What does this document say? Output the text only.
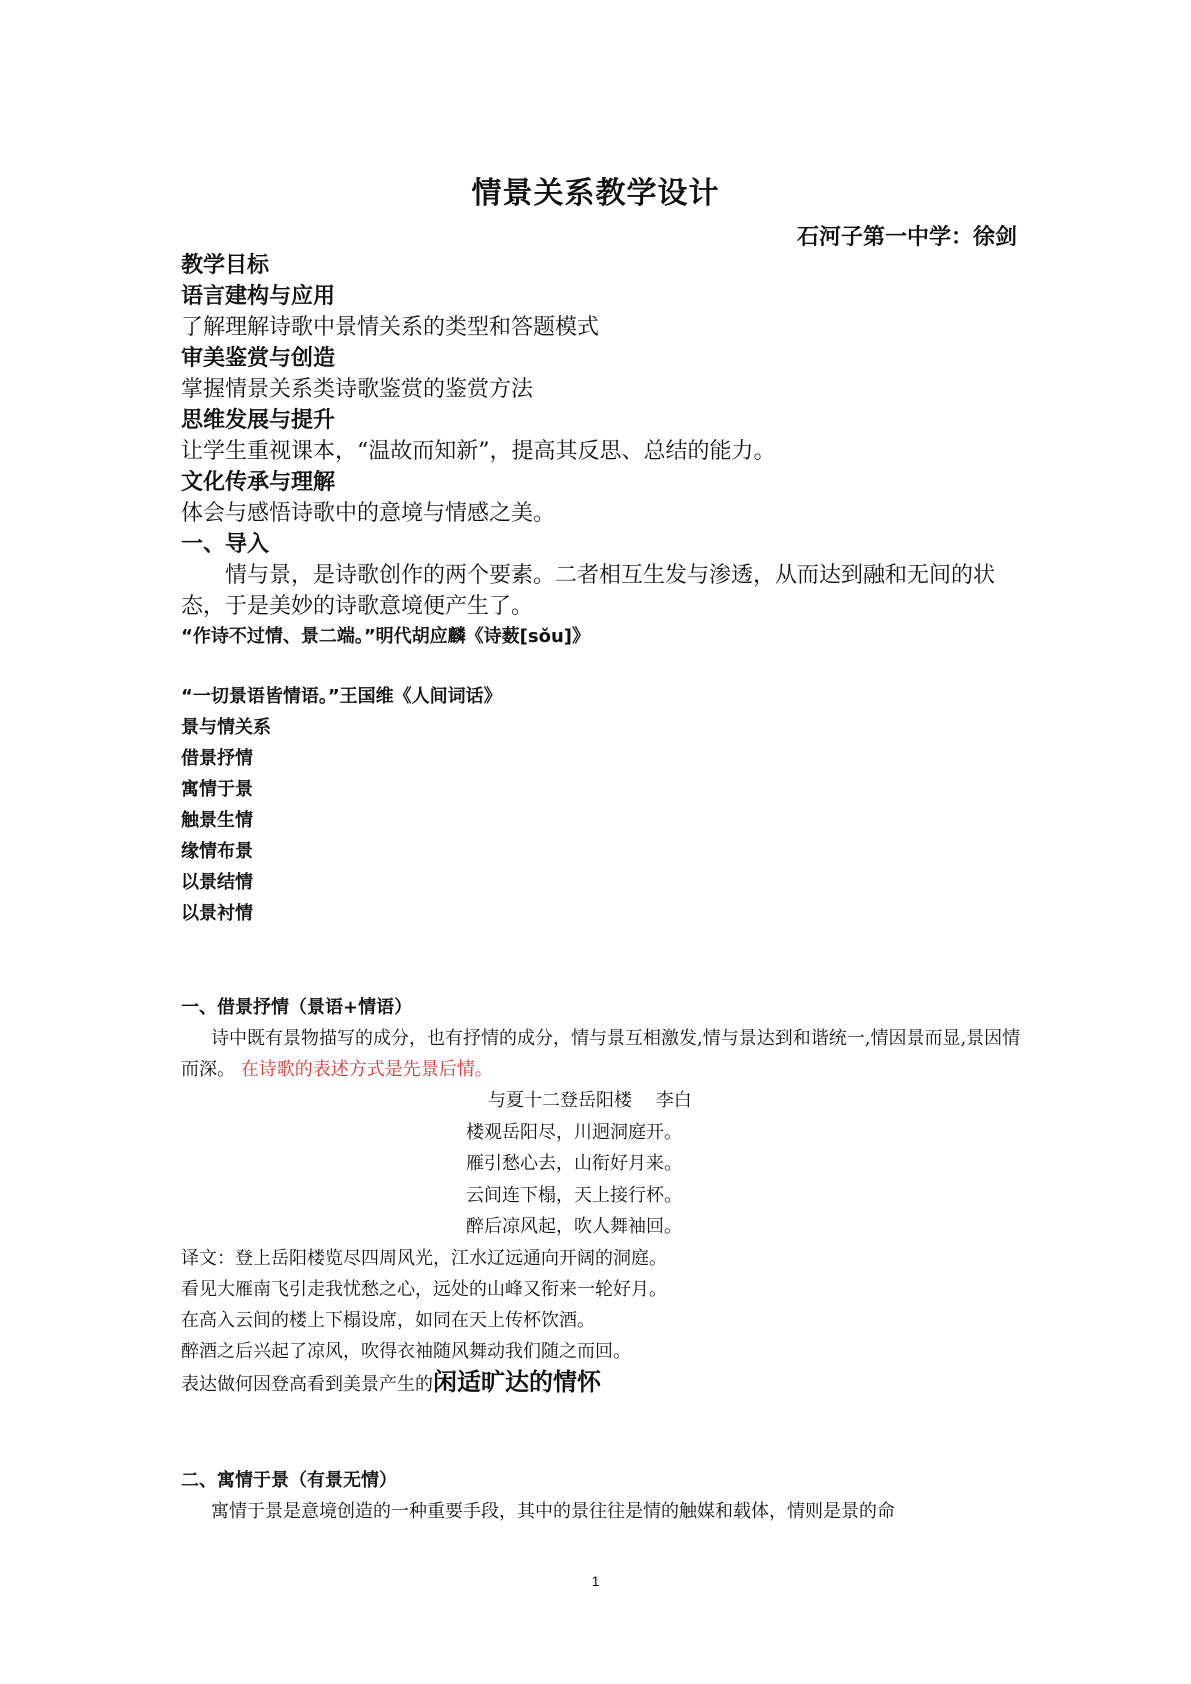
情景关系教学设计
石河子第一中学：徐剑
教学目标
语言建构与应用
了解理解诗歌中景情关系的类型和答题模式
审美鉴赏与创造
掌握情景关系类诗歌鉴赏的鉴赏方法
思维发展与提升
让学生重视课本，“温故而知新”，提高其反思、总结的能力。
文化传承与理解
体会与感悟诗歌中的意境与情感之美。
一、导入
情与景，是诗歌创作的两个要素。二者相互生发与渗透，从而达到融和无间的状态，于是美妙的诗歌意境便产生了。
“作诗不过情、景二端。”明代胡应麟《诗薮[sǒu]》
“一切景语皆情语。”王国维《人间词话》
景与情关系
借景抒情
寓情于景
触景生情
缘情布景
以景结情
以景衬情
一、借景抒情（景语+情语）
诗中既有景物描写的成分，也有抒情的成分，情与景互相激发,情与景达到和谐统一,情因景而显,景因情而深。 在诗歌的表述方式是先景后情。
与夏十二登岳阳楼　 李白
楼观岳阳尽，川迥洞庭开。
雁引愁心去，山衔好月来。
云间连下榻，天上接行杯。
醉后凉风起，吹人舞袖回。
译文：登上岳阳楼览尽四周风光，江水辽远通向开阔的洞庭。
看见大雁南飞引走我忧愁之心，远处的山峰又衔来一轮好月。
在高入云间的楼上下榻设席，如同在天上传杯饮酒。
醉酒之后兴起了凉风，吹得衣袖随风舞动我们随之而回。
表达做何因登高看到美景产生的闲适旷达的情怀
二、寓情于景（有景无情）
寓情于景是意境创造的一种重要手段，其中的景往往是情的触媒和载体，情则是景的命
1
